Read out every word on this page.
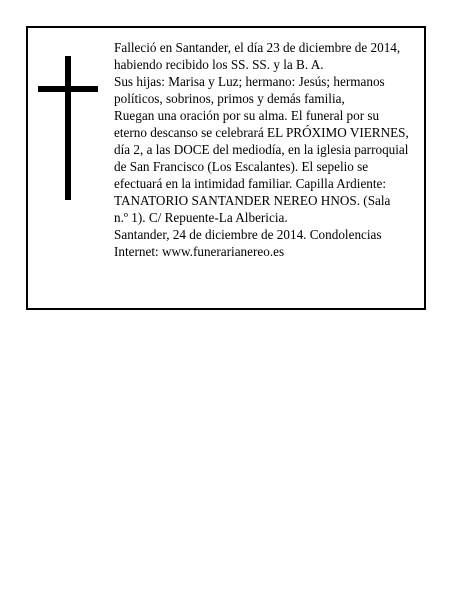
Falleció en Santander, el día 23 de diciembre de 2014,
habiendo recibido los SS. SS. y la B. A.
Sus hijas: Marisa y Luz; hermano: Jesús; hermanos
políticos, sobrinos, primos y demás familia,
Ruegan una oración por su alma. El funeral por su
eterno descanso se celebrará EL PRÓXIMO VIERNES,
día 2, a las DOCE del mediodía, en la iglesia parroquial
de San Francisco (Los Escalantes). El sepelio se
efectuará en la intimidad familiar. Capilla Ardiente:
TANATORIO SANTANDER NEREO HNOS. (Sala
n.º 1). C/ Repuente-La Albericia.
Santander, 24 de diciembre de 2014. Condolencias
Internet: www.funerarianereo.es
